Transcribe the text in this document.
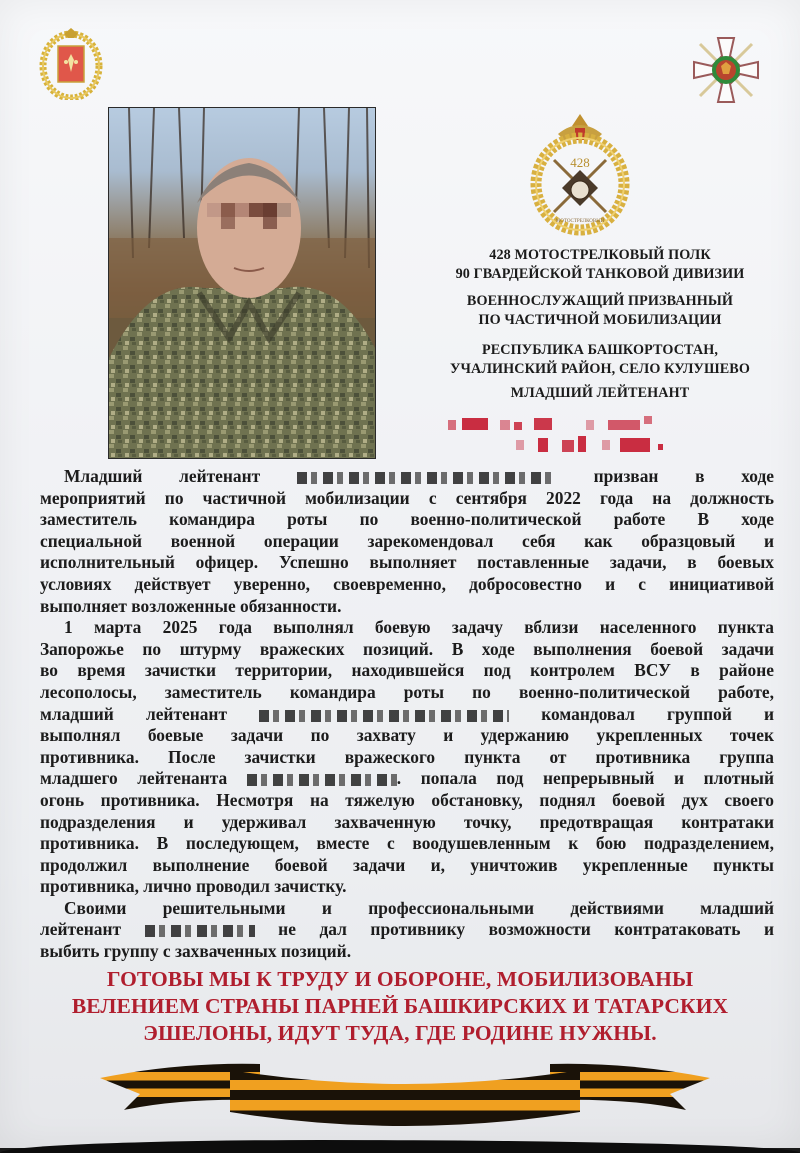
428
МОТОСТРЕЛКОВЫЙ
428 МОТОСТРЕЛКОВЫЙ ПОЛК
90 ГВАРДЕЙСКОЙ ТАНКОВОЙ ДИВИЗИИ
ВОЕННОСЛУЖАЩИЙ ПРИЗВАННЫЙ
ПО ЧАСТИЧНОЙ МОБИЛИЗАЦИИ
РЕСПУБЛИКА БАШКОРТОСТАН,
УЧАЛИНСКИЙ РАЙОН, СЕЛО КУЛУШЕВО
МЛАДШИЙ ЛЕЙТЕНАНТ

Младший лейтенант	призван в ходе
мероприятий по частичной мобилизации с сентября 2022 года на должность
заместитель командира роты по военно-политической работе В ходе
специальной военной операции зарекомендовал себя как образцовый и
исполнительный офицер. Успешно выполняет поставленные задачи, в боевых
условиях действует уверенно, своевременно, добросовестно и с инициативой
выполняет возложенные обязанности.

1 марта 2025 года выполнял боевую задачу вблизи населенного пункта
Запорожье по штурму вражеских позиций. В ходе выполнения боевой задачи
во время зачистки территории, находившейся под контролем ВСУ в районе
лесополосы, заместитель командира роты по военно-политической работе,
младший лейтенант	командовал группой и
выполнял боевые задачи по захвату и удержанию укрепленных точек
противника. После зачистки вражеского пункта от противника группа
младшего лейтенанта	. попала под непрерывный и плотный
огонь противника. Несмотря на тяжелую обстановку, поднял боевой дух своего
подразделения и удерживал захваченную точку, предотвращая контратаки
противника. В последующем, вместе с воодушевленным к бою подразделением,
продолжил выполнение боевой задачи и, уничтожив укрепленные пункты
противника, лично проводил зачистку.

Своими решительными и профессиональными действиями младший
лейтенант	не дал противнику возможности контратаковать и
выбить группу с захваченных позиций.

ГОТОВЫ МЫ К ТРУДУ И ОБОРОНЕ, МОБИЛИЗОВАНЫ
ВЕЛЕНИЕМ СТРАНЫ ПАРНЕЙ БАШКИРСКИХ И ТАТАРСКИХ
ЭШЕЛОНЫ, ИДУТ ТУДА, ГДЕ РОДИНЕ НУЖНЫ.
